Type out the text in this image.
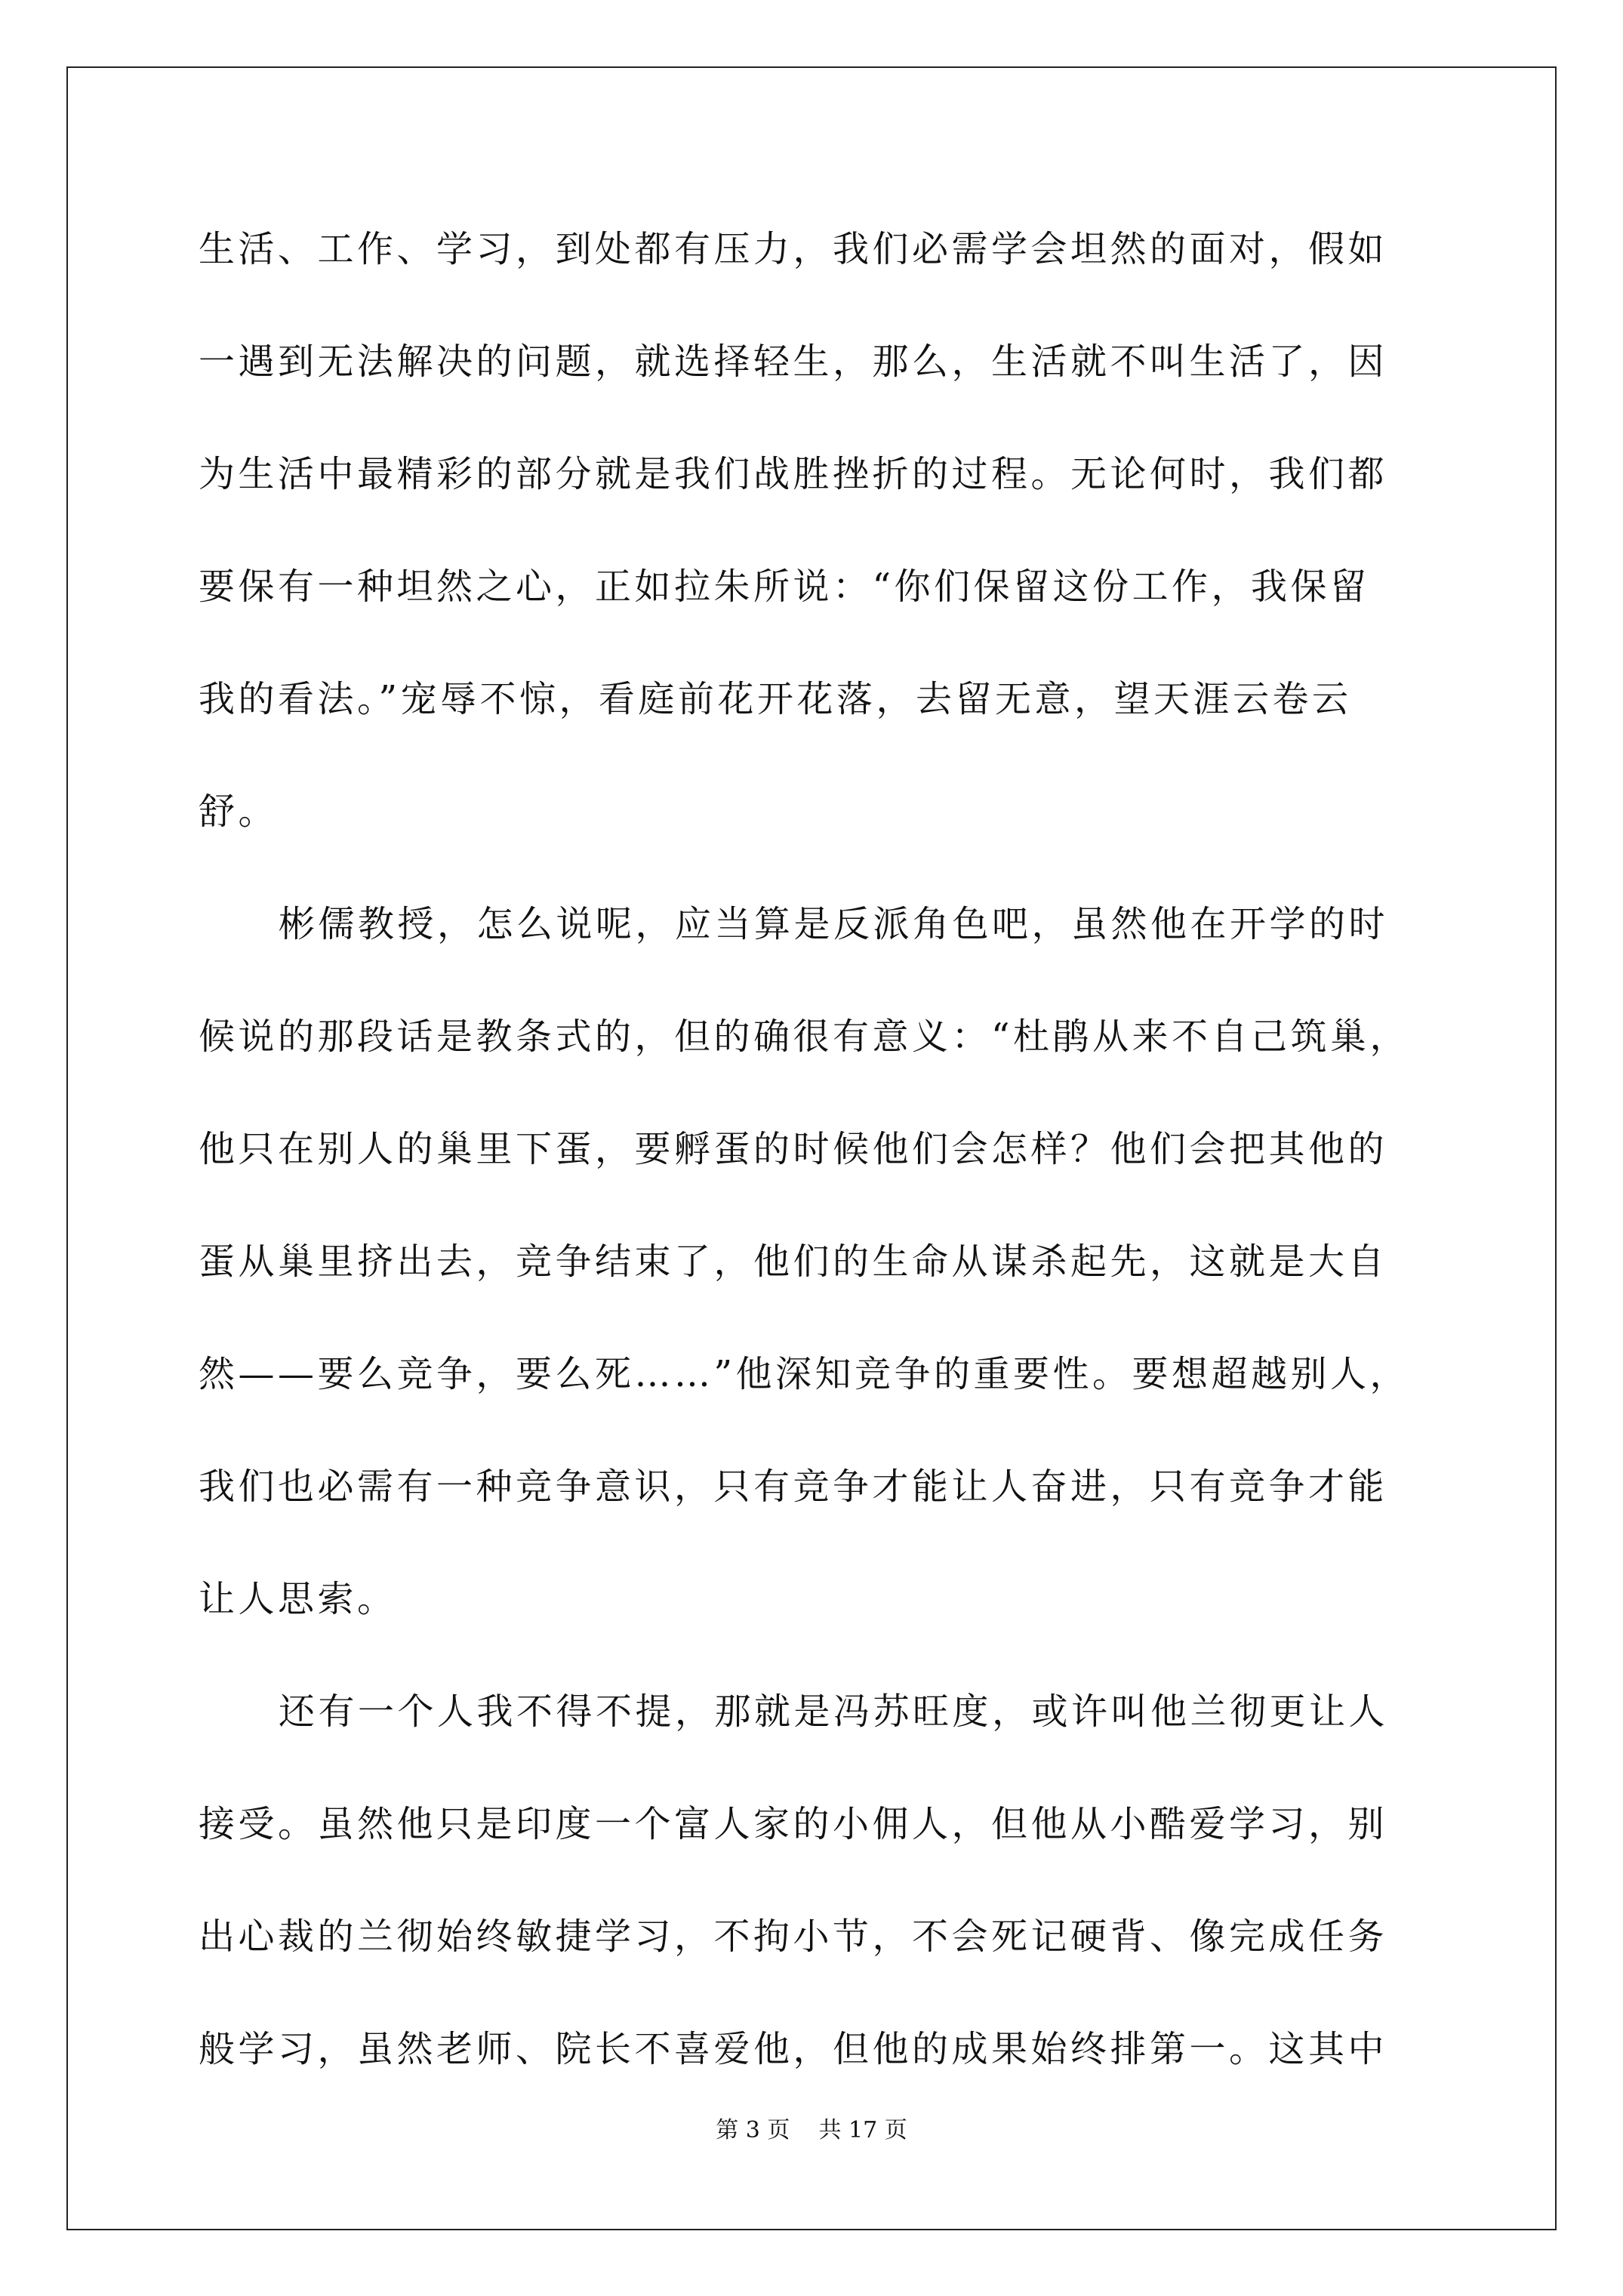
生活、工作、学习，到处都有压力，我们必需学会坦然的面对，假如
一遇到无法解决的问题，就选择轻生，那么，生活就不叫生活了，因
为生活中最精彩的部分就是我们战胜挫折的过程。无论何时，我们都
要保有一种坦然之心，正如拉朱所说：“你们保留这份工作，我保留
我的看法。”宠辱不惊，看庭前花开花落，去留无意，望天涯云卷云
舒。
彬儒教授，怎么说呢，应当算是反派角色吧，虽然他在开学的时
候说的那段话是教条式的，但的确很有意义：“杜鹃从来不自己筑巢，
他只在别人的巢里下蛋，要孵蛋的时候他们会怎样？他们会把其他的
蛋从巢里挤出去，竞争结束了，他们的生命从谋杀起先，这就是大自
然——要么竞争，要么死……”他深知竞争的重要性。要想超越别人，
我们也必需有一种竞争意识，只有竞争才能让人奋进，只有竞争才能
让人思索。
还有一个人我不得不提，那就是冯苏旺度，或许叫他兰彻更让人
接受。虽然他只是印度一个富人家的小佣人，但他从小酷爱学习，别
出心裁的兰彻始终敏捷学习，不拘小节，不会死记硬背、像完成任务
般学习，虽然老师、院长不喜爱他，但他的成果始终排第一。这其中
第 3 页    共 17 页
